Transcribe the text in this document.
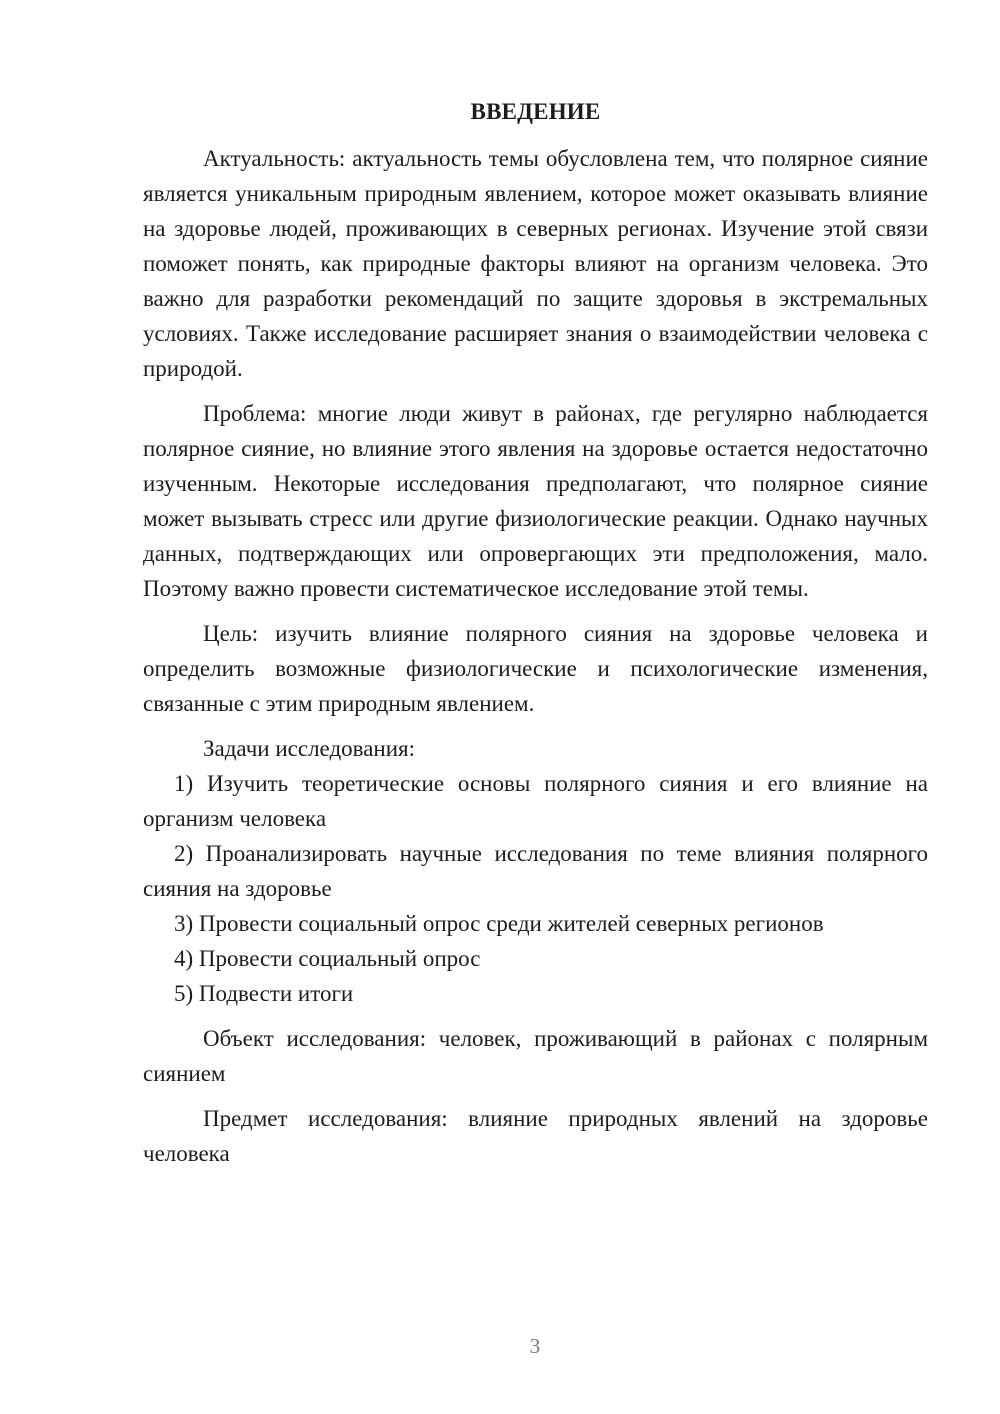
ВВЕДЕНИЕ

Актуальность: актуальность темы обусловлена тем, что полярное сияние является уникальным природным явлением, которое может оказывать влияние на здоровье людей, проживающих в северных регионах. Изучение этой связи поможет понять, как природные факторы влияют на организм человека. Это важно для разработки рекомендаций по защите здоровья в экстремальных условиях. Также исследование расширяет знания о взаимодействии человека с природой.

Проблема: многие люди живут в районах, где регулярно наблюдается полярное сияние, но влияние этого явления на здоровье остается недостаточно изученным. Некоторые исследования предполагают, что полярное сияние может вызывать стресс или другие физиологические реакции. Однако научных данных, подтверждающих или опровергающих эти предположения, мало. Поэтому важно провести систематическое исследование этой темы.

Цель: изучить влияние полярного сияния на здоровье человека и определить возможные физиологические и психологические изменения, связанные с этим природным явлением.

Задачи исследования:

1) Изучить теоретические основы полярного сияния и его влияние на организм человека

2) Проанализировать научные исследования по теме влияния полярного сияния на здоровье

3) Провести социальный опрос среди жителей северных регионов

4) Провести социальный опрос

5) Подвести итоги

Объект исследования: человек, проживающий в районах с полярным сиянием

Предмет исследования: влияние природных явлений на здоровье человека

3
